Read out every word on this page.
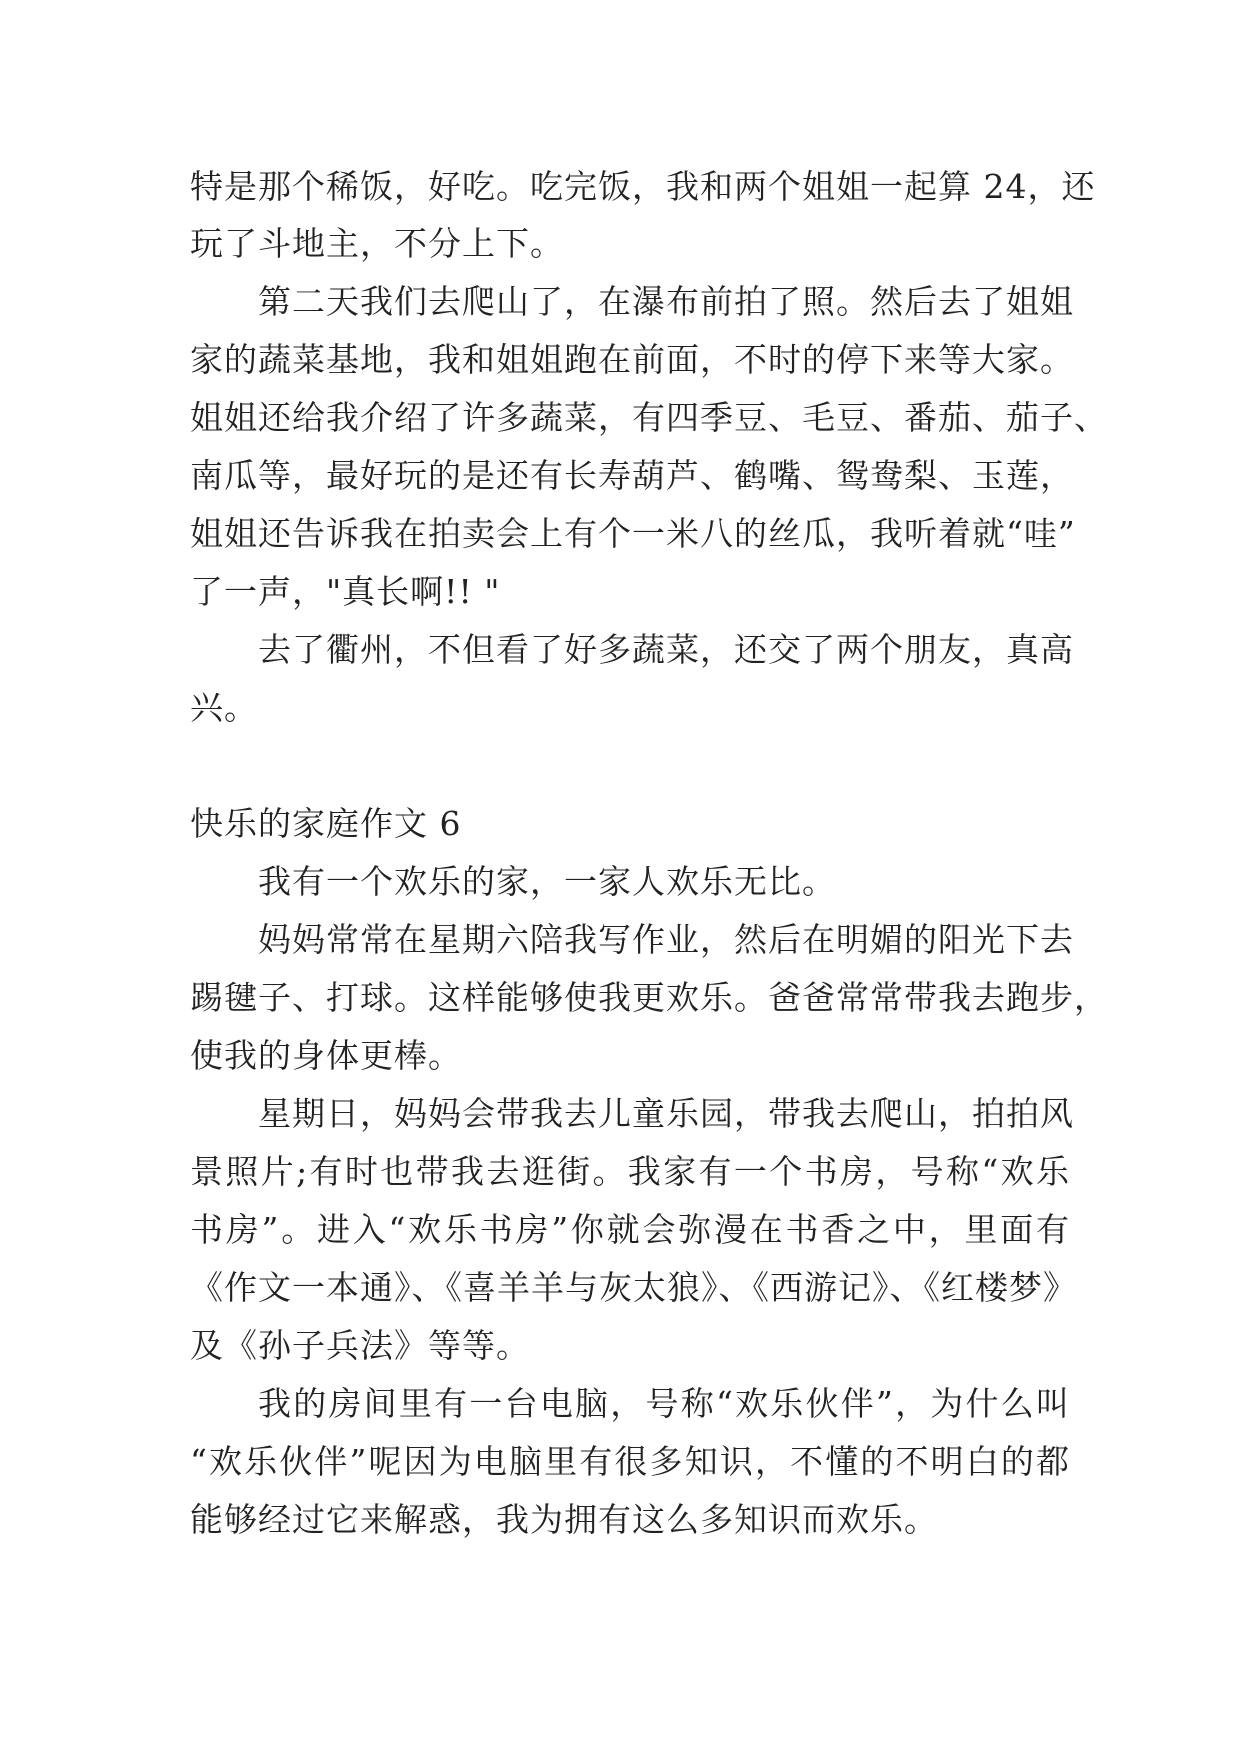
特是那个稀饭，好吃。吃完饭，我和两个姐姐一起算 24，还
玩了斗地主，不分上下。
第二天我们去爬山了，在瀑布前拍了照。然后去了姐姐
家的蔬菜基地，我和姐姐跑在前面，不时的停下来等大家。
姐姐还给我介绍了许多蔬菜，有四季豆、毛豆、番茄、茄子、
南瓜等，最好玩的是还有长寿葫芦、鹤嘴、鸳鸯梨、玉莲，
姐姐还告诉我在拍卖会上有个一米八的丝瓜，我听着就“哇”
了一声，"真长啊!! "
去了衢州，不但看了好多蔬菜，还交了两个朋友，真高
兴。
快乐的家庭作文 6
我有一个欢乐的家，一家人欢乐无比。
妈妈常常在星期六陪我写作业，然后在明媚的阳光下去
踢毽子、打球。这样能够使我更欢乐。爸爸常常带我去跑步，
使我的身体更棒。
星期日，妈妈会带我去儿童乐园，带我去爬山，拍拍风
景照片;有时也带我去逛街。我家有一个书房，号称“欢乐
书房”。进入“欢乐书房”你就会弥漫在书香之中，里面有
《作文一本通》、《喜羊羊与灰太狼》、《西游记》、《红楼梦》
及《孙子兵法》等等。
我的房间里有一台电脑，号称“欢乐伙伴”，为什么叫
“欢乐伙伴”呢因为电脑里有很多知识，不懂的不明白的都
能够经过它来解惑，我为拥有这么多知识而欢乐。
